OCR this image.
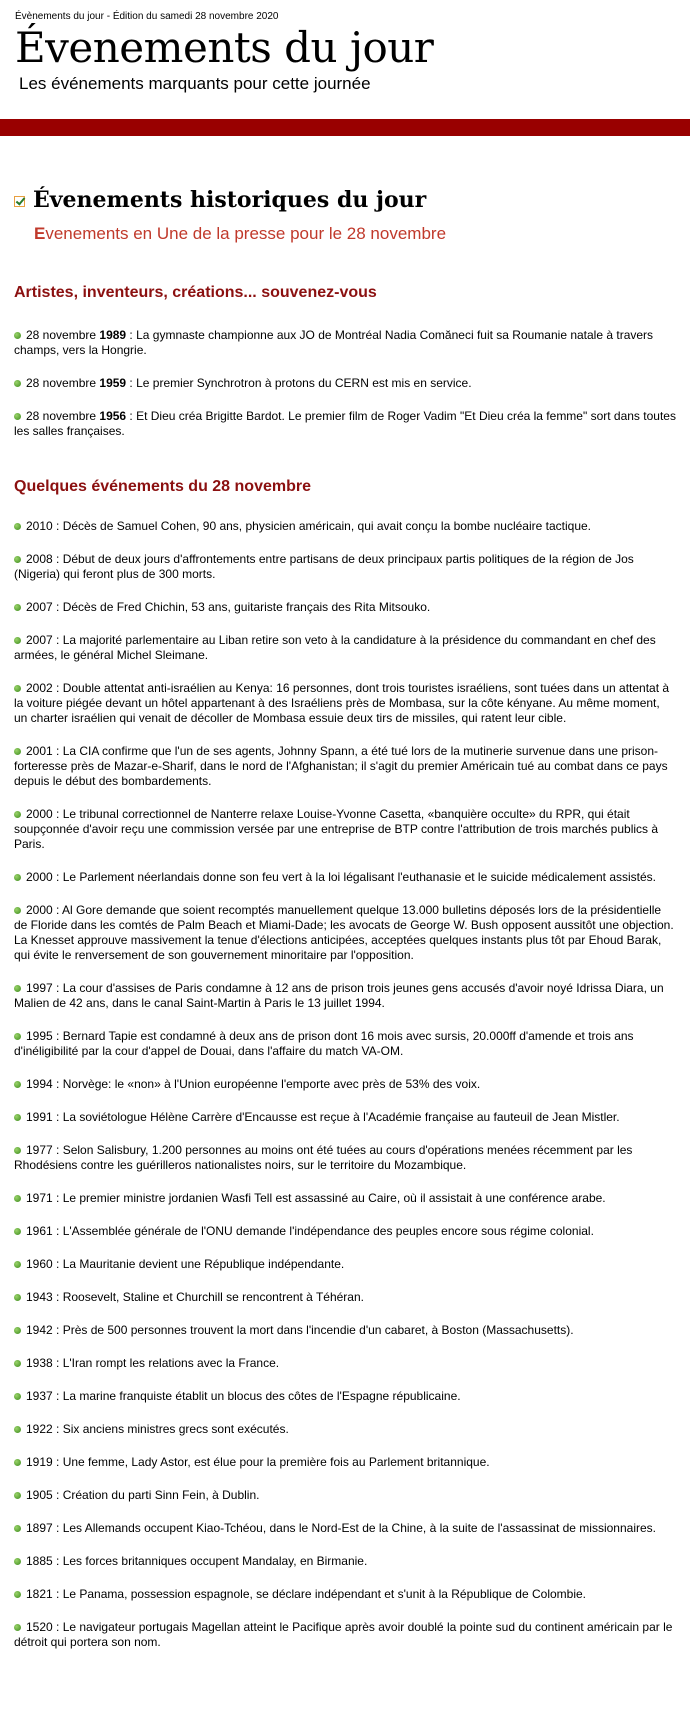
Évènements du jour - Édition du samedi 28 novembre 2020
Évenements du jour
Les événements marquants pour cette journée
Évenements historiques du jour
Evenements en Une de la presse pour le 28 novembre
Artistes, inventeurs, créations... souvenez-vous
28 novembre 1989 : La gymnaste championne aux JO de Montréal Nadia Comăneci fuit sa Roumanie natale à travers champs, vers la Hongrie.
28 novembre 1959 : Le premier Synchrotron à protons du CERN est mis en service.
28 novembre 1956 : Et Dieu créa Brigitte Bardot. Le premier film de Roger Vadim "Et Dieu créa la femme" sort dans toutes les salles françaises.
Quelques événements du 28 novembre
2010 : Décès de Samuel Cohen, 90 ans, physicien américain, qui avait conçu la bombe nucléaire tactique.
2008 : Début de deux jours d'affrontements entre partisans de deux principaux partis politiques de la région de Jos (Nigeria) qui feront plus de 300 morts.
2007 : Décès de Fred Chichin, 53 ans, guitariste français des Rita Mitsouko.
2007 : La majorité parlementaire au Liban retire son veto à la candidature à la présidence du commandant en chef des armées, le général Michel Sleimane.
2002 : Double attentat anti-israélien au Kenya: 16 personnes, dont trois touristes israéliens, sont tuées dans un attentat à la voiture piégée devant un hôtel appartenant à des Israéliens près de Mombasa, sur la côte kényane. Au même moment, un charter israélien qui venait de décoller de Mombasa essuie deux tirs de missiles, qui ratent leur cible.
2001 : La CIA confirme que l'un de ses agents, Johnny Spann, a été tué lors de la mutinerie survenue dans une prison-forteresse près de Mazar-e-Sharif, dans le nord de l'Afghanistan; il s'agit du premier Américain tué au combat dans ce pays depuis le début des bombardements.
2000 : Le tribunal correctionnel de Nanterre relaxe Louise-Yvonne Casetta, «banquière occulte» du RPR, qui était soupçonnée d'avoir reçu une commission versée par une entreprise de BTP contre l'attribution de trois marchés publics à Paris.
2000 : Le Parlement néerlandais donne son feu vert à la loi légalisant l'euthanasie et le suicide médicalement assistés.
2000 : Al Gore demande que soient recomptés manuellement quelque 13.000 bulletins déposés lors de la présidentielle de Floride dans les comtés de Palm Beach et Miami-Dade; les avocats de George W. Bush opposent aussitôt une objection. La Knesset approuve massivement la tenue d'élections anticipées, acceptées quelques instants plus tôt par Ehoud Barak, qui évite le renversement de son gouvernement minoritaire par l'opposition.
1997 : La cour d'assises de Paris condamne à 12 ans de prison trois jeunes gens accusés d'avoir noyé Idrissa Diara, un Malien de 42 ans, dans le canal Saint-Martin à Paris le 13 juillet 1994.
1995 : Bernard Tapie est condamné à deux ans de prison dont 16 mois avec sursis, 20.000ff d'amende et trois ans d'inéligibilité par la cour d'appel de Douai, dans l'affaire du match VA-OM.
1994 : Norvège: le «non» à l'Union européenne l'emporte avec près de 53% des voix.
1991 : La soviétologue Hélène Carrère d'Encausse est reçue à l'Académie française au fauteuil de Jean Mistler.
1977 : Selon Salisbury, 1.200 personnes au moins ont été tuées au cours d'opérations menées récemment par les Rhodésiens contre les guérilleros nationalistes noirs, sur le territoire du Mozambique.
1971 : Le premier ministre jordanien Wasfi Tell est assassiné au Caire, où il assistait à une conférence arabe.
1961 : L'Assemblée générale de l'ONU demande l'indépendance des peuples encore sous régime colonial.
1960 : La Mauritanie devient une République indépendante.
1943 : Roosevelt, Staline et Churchill se rencontrent à Téhéran.
1942 : Près de 500 personnes trouvent la mort dans l'incendie d'un cabaret, à Boston (Massachusetts).
1938 : L'Iran rompt les relations avec la France.
1937 : La marine franquiste établit un blocus des côtes de l'Espagne républicaine.
1922 : Six anciens ministres grecs sont exécutés.
1919 : Une femme, Lady Astor, est élue pour la première fois au Parlement britannique.
1905 : Création du parti Sinn Fein, à Dublin.
1897 : Les Allemands occupent Kiao-Tchéou, dans le Nord-Est de la Chine, à la suite de l'assassinat de missionnaires.
1885 : Les forces britanniques occupent Mandalay, en Birmanie.
1821 : Le Panama, possession espagnole, se déclare indépendant et s'unit à la République de Colombie.
1520 : Le navigateur portugais Magellan atteint le Pacifique après avoir doublé la pointe sud du continent américain par le détroit qui portera son nom.
